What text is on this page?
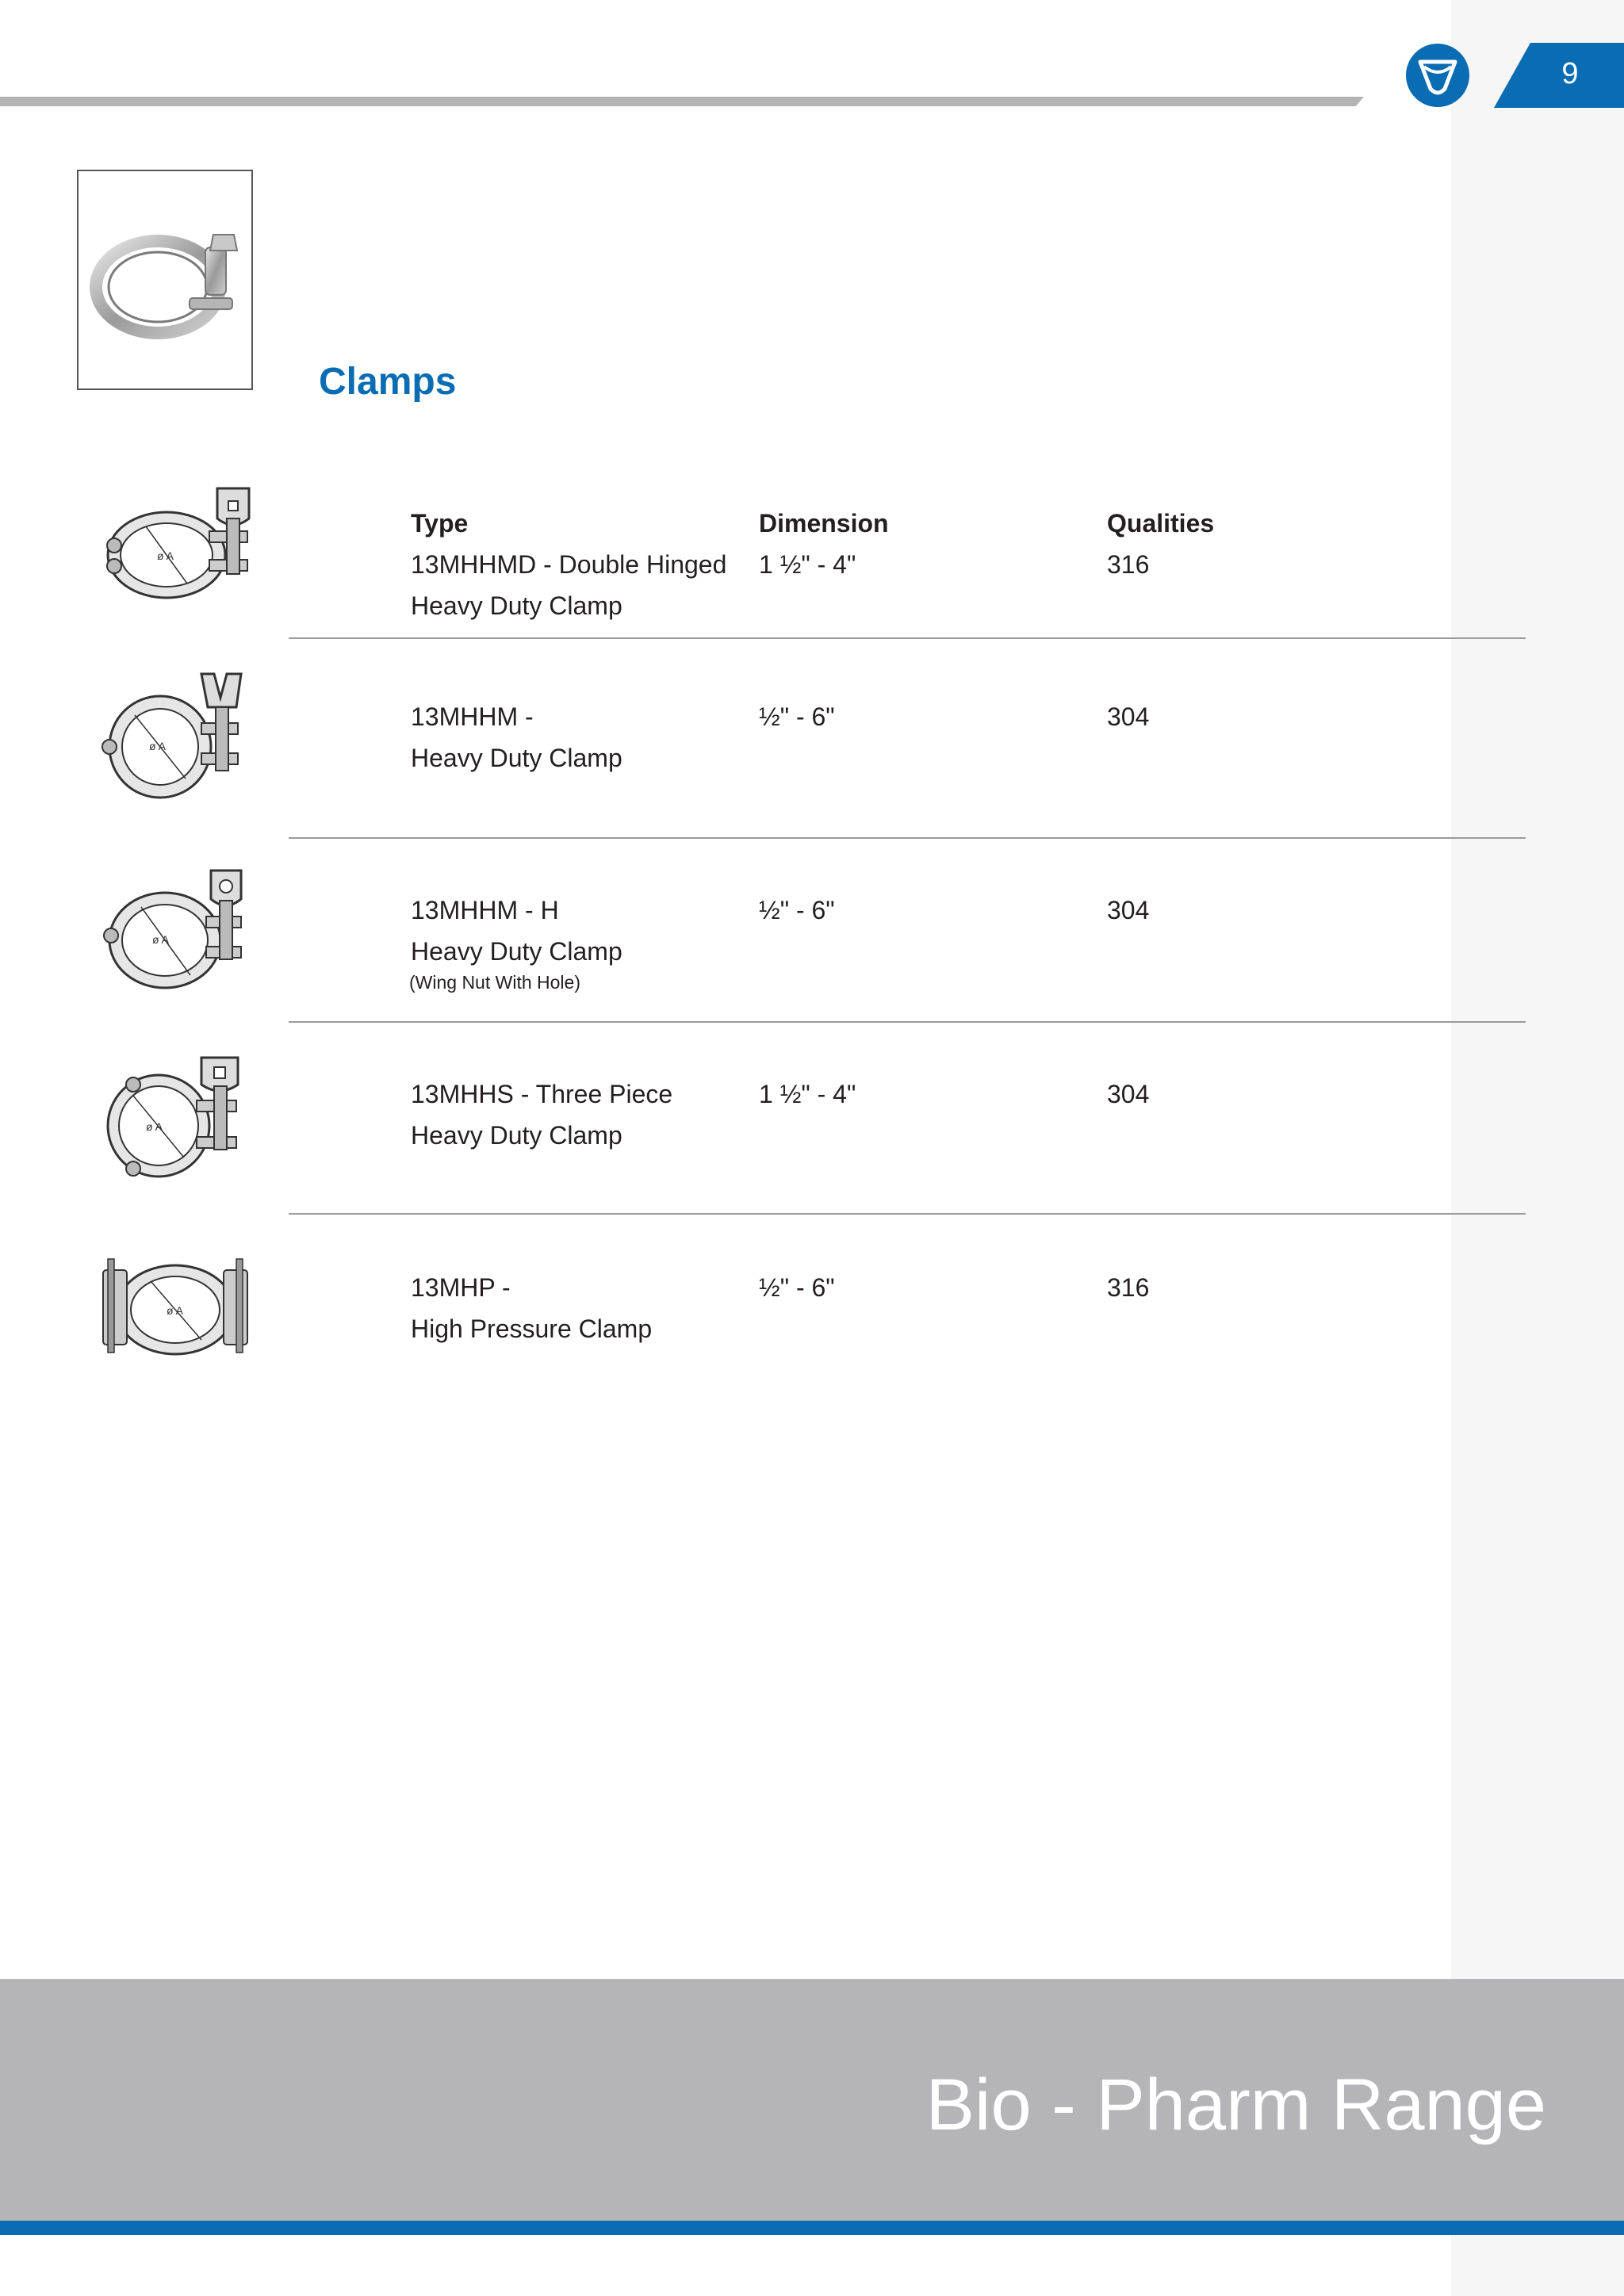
9
Clamps
Type	Dimension	Qualities
ø A	13MHHMD - Double Hinged
Heavy Duty Clamp
1 ½" - 4"	316
ø A
13MHHM -
Heavy Duty Clamp
½" - 6"	304
ø A
13MHHM - H
Heavy Duty Clamp
(Wing Nut With Hole)
½" - 6"	304
ø A
13MHHS - Three Piece
Heavy Duty Clamp
1 ½" - 4"	304
ø A
13MHP -
High Pressure Clamp
½" - 6"	316
Bio - Pharm Range
